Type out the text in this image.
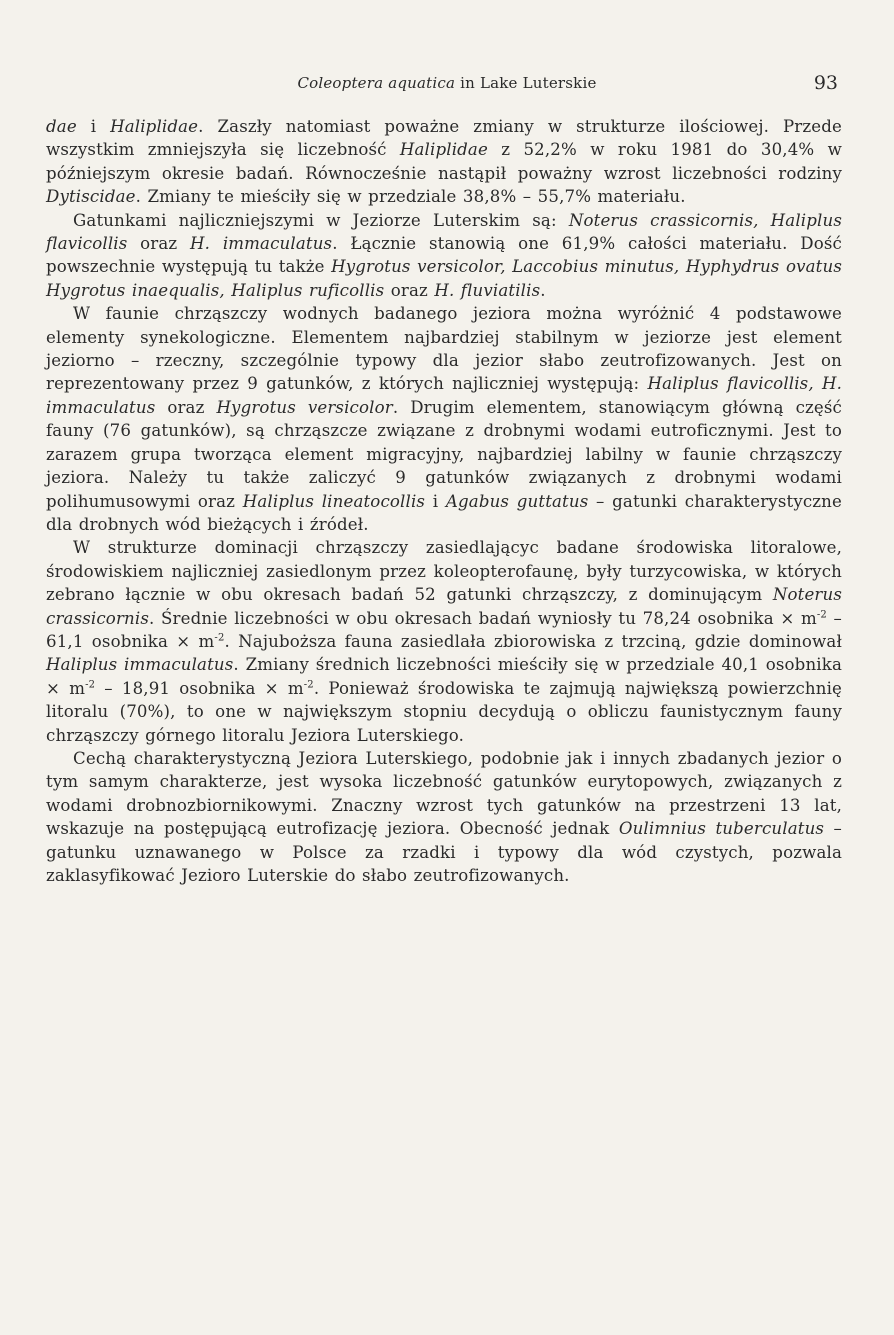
Coleoptera aquatica in Lake Luterskie	93

dae i Haliplidae. Zaszły natomiast poważne zmiany w strukturze ilościowej. Przede wszystkim zmniejszyła się liczebność Haliplidae z 52,2% w roku 1981 do 30,4% w późniejszym okresie badań. Równocześnie nastąpił poważny wzrost liczebności rodziny Dytiscidae. Zmiany te mieściły się w przedziale 38,8% – 55,7% materiału.

Gatunkami najliczniejszymi w Jeziorze Luterskim są: Noterus crassicornis, Haliplus flavicollis oraz H. immaculatus. Łącznie stanowią one 61,9% całości materiału. Dość powszechnie występują tu także Hygrotus versicolor, Laccobius minutus, Hyphydrus ovatus Hygrotus inaequalis, Haliplus ruficollis oraz H. fluviatilis.

W faunie chrząszczy wodnych badanego jeziora można wyróżnić 4 podstawowe elementy synekologiczne. Elementem najbardziej stabilnym w jeziorze jest element jeziorno – rzeczny, szczególnie typowy dla jezior słabo zeutrofizowanych. Jest on reprezentowany przez 9 gatunków, z których najliczniej występują: Haliplus flavicollis, H. immaculatus oraz Hygrotus versicolor. Drugim elementem, stanowiącym główną część fauny (76 gatunków), są chrząszcze związane z drobnymi wodami eutroficznymi. Jest to zarazem grupa tworząca element migracyjny, najbardziej labilny w faunie chrząszczy jeziora. Należy tu także zaliczyć 9 gatunków związanych z drobnymi wodami polihumusowymi oraz Haliplus lineatocollis i Agabus guttatus – gatunki charakterystyczne dla drobnych wód bieżących i źródeł.

W strukturze dominacji chrząszczy zasiedlającyc badane środowiska litoralowe, środowiskiem najliczniej zasiedlonym przez koleopterofaunę, były turzycowiska, w których zebrano łącznie w obu okresach badań 52 gatunki chrząszczy, z dominującym Noterus crassicornis. Średnie liczebności w obu okresach badań wyniosły tu 78,24 osobnika × $m^{-2} - 61,1$ osobnika × $m^{-2}$. Najuboższa fauna zasiedlała zbiorowiska z trzciną, gdzie dominował Haliplus immaculatus. Zmiany średnich liczebności mieściły się w przedziale 40,1 osobnika × $m^{-2} - 18,91$ osobnika × $m^{-2}$. Ponieważ środowiska te zajmują największą powierzchnię litoralu (70%), to one w największym stopniu decydują o obliczu faunistycznym fauny chrząszczy górnego litoralu Jeziora Luterskiego.

Cechą charakterystyczną Jeziora Luterskiego, podobnie jak i innych zbadanych jezior o tym samym charakterze, jest wysoka liczebność gatunków eurytopowych, związanych z wodami drobnozbiornikowymi. Znaczny wzrost tych gatunków na przestrzeni 13 lat, wskazuje na postępującą eutrofizację jeziora. Obecność jednak Oulimnius tuberculatus – gatunku uznawanego w Polsce za rzadki i typowy dla wód czystych, pozwala zaklasyfikować Jezioro Luterskie do słabo zeutrofizowanych.
